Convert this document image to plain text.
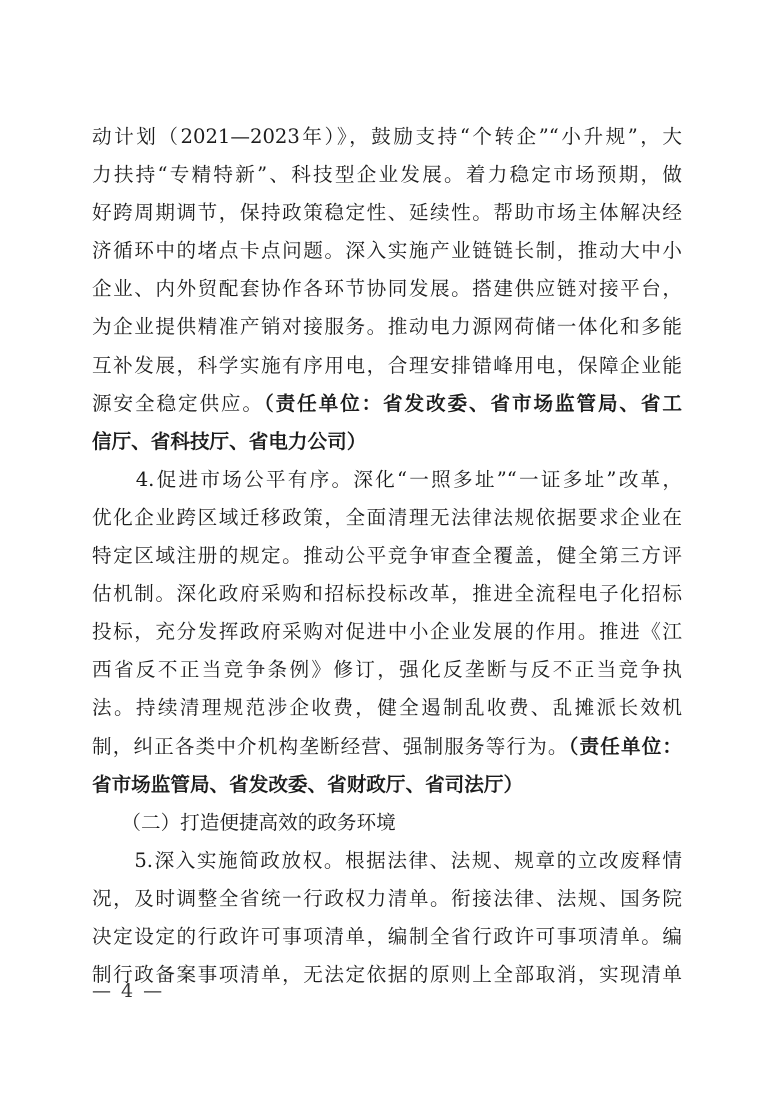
动计划（2021—2023年）》，鼓励支持“个转企”“小升规”，大
力扶持“专精特新”、科技型企业发展。着力稳定市场预期，做
好跨周期调节，保持政策稳定性、延续性。帮助市场主体解决经
济循环中的堵点卡点问题。深入实施产业链链长制，推动大中小
企业、内外贸配套协作各环节协同发展。搭建供应链对接平台，
为企业提供精准产销对接服务。推动电力源网荷储一体化和多能
互补发展，科学实施有序用电，合理安排错峰用电，保障企业能
源安全稳定供应。（责任单位：省发改委、省市场监管局、省工
信厅、省科技厅、省电力公司）
　　4.促进市场公平有序。深化“一照多址”“一证多址”改革，
优化企业跨区域迁移政策，全面清理无法律法规依据要求企业在
特定区域注册的规定。推动公平竞争审查全覆盖，健全第三方评
估机制。深化政府采购和招标投标改革，推进全流程电子化招标
投标，充分发挥政府采购对促进中小企业发展的作用。推进《江
西省反不正当竞争条例》修订，强化反垄断与反不正当竞争执
法。持续清理规范涉企收费，健全遏制乱收费、乱摊派长效机
制，纠正各类中介机构垄断经营、强制服务等行为。（责任单位：
省市场监管局、省发改委、省财政厅、省司法厅）
　　（二）打造便捷高效的政务环境
　　5.深入实施简政放权。根据法律、法规、规章的立改废释情
况，及时调整全省统一行政权力清单。衔接法律、法规、国务院
决定设定的行政许可事项清单，编制全省行政许可事项清单。编
制行政备案事项清单，无法定依据的原则上全部取消，实现清单
— 4 —
